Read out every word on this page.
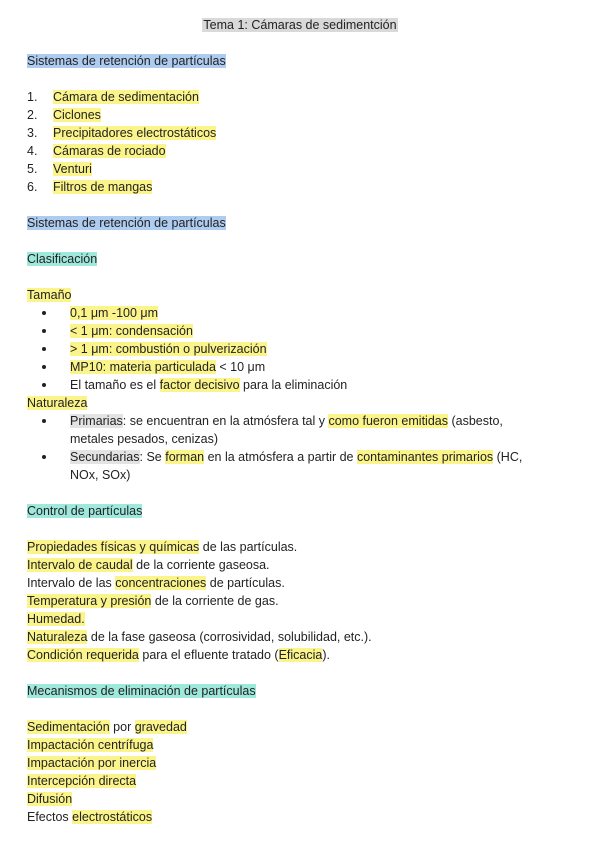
Tema 1: Cámaras de sedimentción
Sistemas de retención de partículas
1. Cámara de sedimentación
2. Ciclones
3. Precipitadores electrostáticos
4. Cámaras de rociado
5. Venturi
6. Filtros de mangas
Sistemas de retención de partículas
Clasificación
Tamaño
0,1 μm -100 μm
< 1 μm: condensación
> 1 μm: combustión o pulverización
MP10: materia particulada < 10 μm
El tamaño es el factor decisivo para la eliminación
Naturaleza
Primarias: se encuentran en la atmósfera tal y como fueron emitidas (asbesto,
metales pesados, cenizas)
Secundarias: Se forman en la atmósfera a partir de contaminantes primarios (HC,
NOx, SOx)
Control de partículas
Propiedades físicas y químicas de las partículas.
Intervalo de caudal de la corriente gaseosa.
Intervalo de las concentraciones de partículas.
Temperatura y presión de la corriente de gas.
Humedad.
Naturaleza de la fase gaseosa (corrosividad, solubilidad, etc.).
Condición requerida para el efluente tratado (Eficacia).
Mecanismos de eliminación de partículas
Sedimentación por gravedad
Impactación centrífuga
Impactación por inercia
Intercepción directa
Difusión
Efectos electrostáticos
